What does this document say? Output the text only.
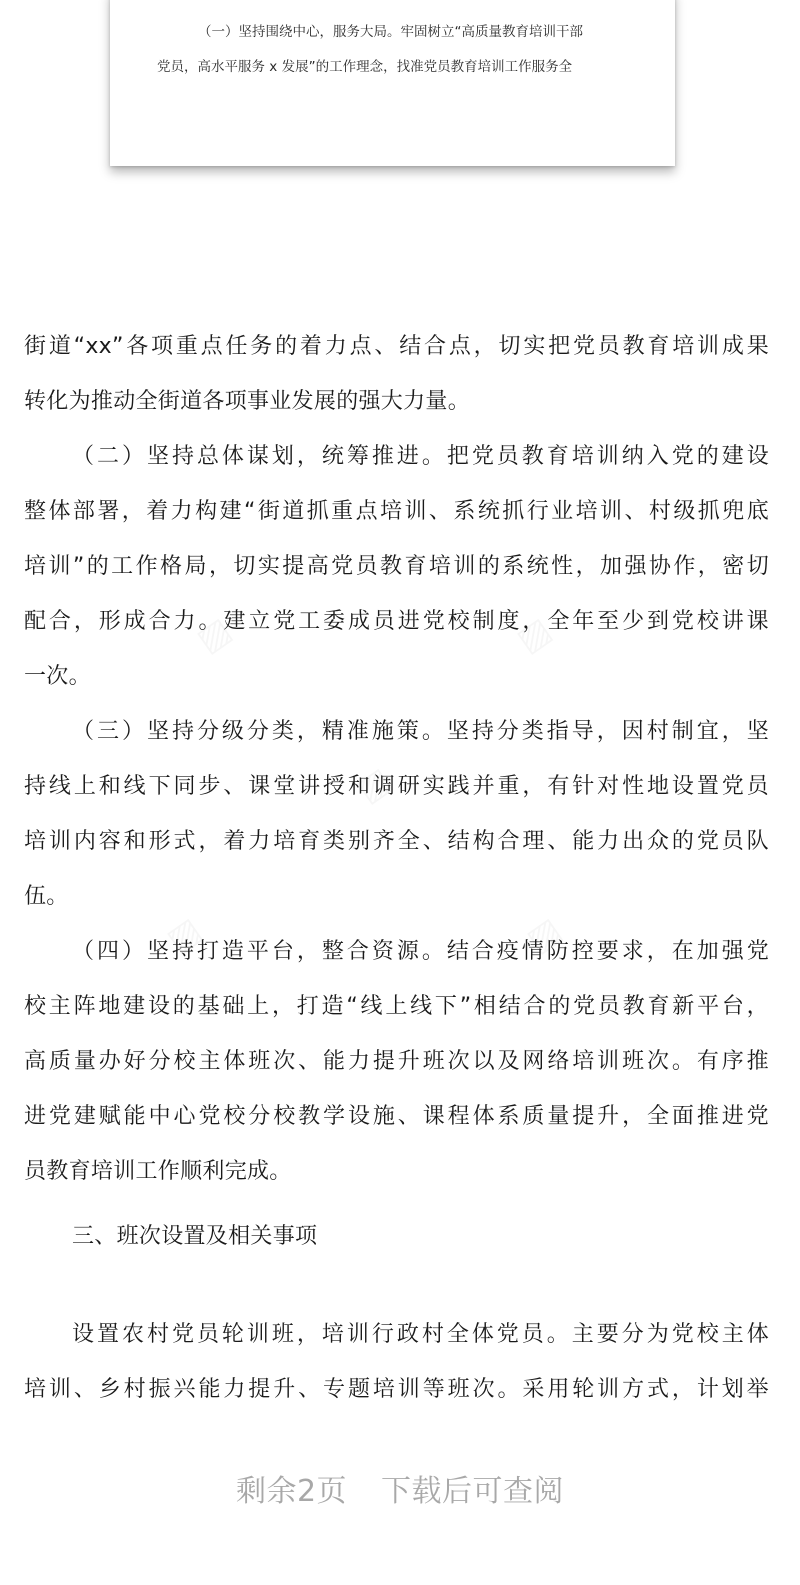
（一）坚持围绕中心，服务大局。牢固树立“高质量教育培训干部
党员，高水平服务 x 发展”的工作理念，找准党员教育培训工作服务全
街道“xx”各项重点任务的着力点、结合点，切实把党员教育培训成果
转化为推动全街道各项事业发展的强大力量。
（二）坚持总体谋划，统筹推进。把党员教育培训纳入党的建设
整体部署，着力构建“街道抓重点培训、系统抓行业培训、村级抓兜底
培训”的工作格局，切实提高党员教育培训的系统性，加强协作，密切
配合，形成合力。建立党工委成员进党校制度，全年至少到党校讲课
一次。
（三）坚持分级分类，精准施策。坚持分类指导，因村制宜，坚
持线上和线下同步、课堂讲授和调研实践并重，有针对性地设置党员
培训内容和形式，着力培育类别齐全、结构合理、能力出众的党员队
伍。
（四）坚持打造平台，整合资源。结合疫情防控要求，在加强党
校主阵地建设的基础上，打造“线上线下”相结合的党员教育新平台，
高质量办好分校主体班次、能力提升班次以及网络培训班次。有序推
进党建赋能中心党校分校教学设施、课程体系质量提升，全面推进党
员教育培训工作顺利完成。
三、班次设置及相关事项
设置农村党员轮训班，培训行政村全体党员。主要分为党校主体
培训、乡村振兴能力提升、专题培训等班次。采用轮训方式，计划举
剩余2页 下载后可查阅
